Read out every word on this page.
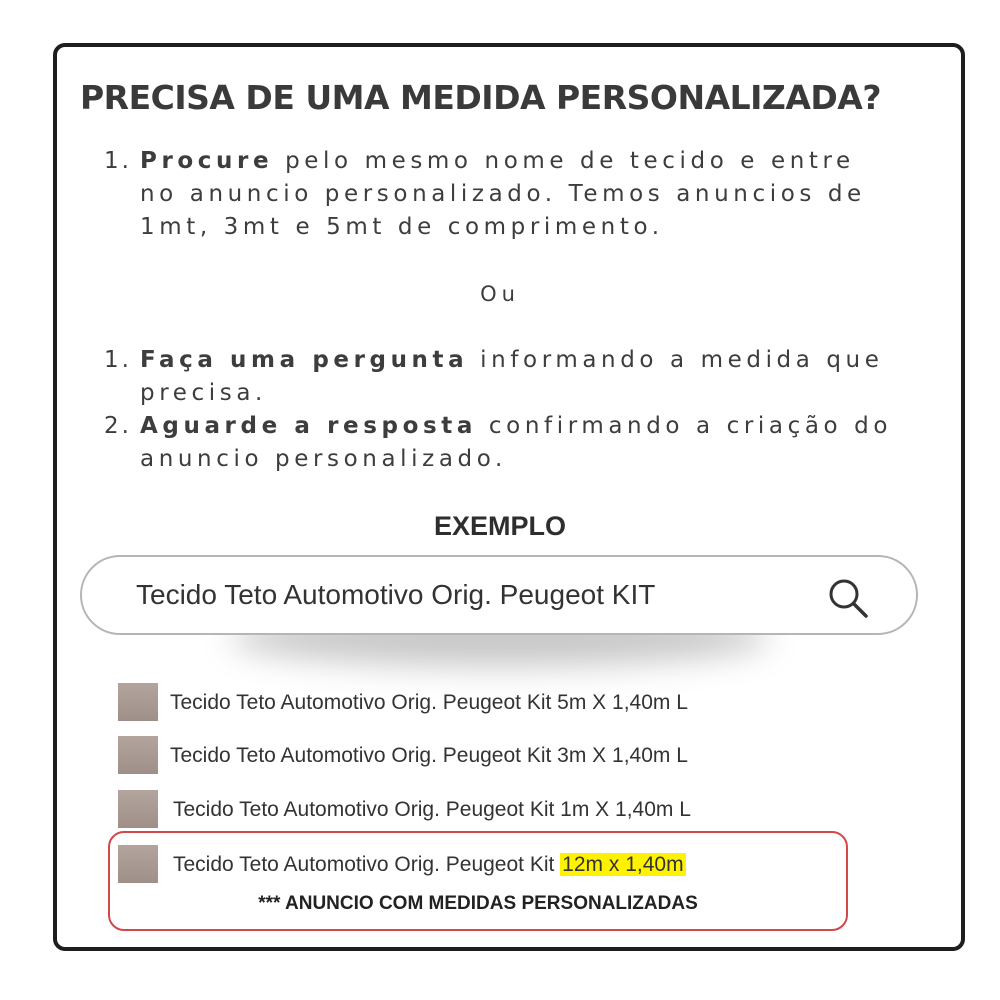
PRECISA DE UMA MEDIDA PERSONALIZADA?
1. Procure pelo mesmo nome de tecido e entre no anuncio personalizado. Temos anuncios de 1mt, 3mt e 5mt de comprimento.
Ou
1. Faça uma pergunta informando a medida que precisa.
2. Aguarde a resposta confirmando a criação do anuncio personalizado.
EXEMPLO
Tecido Teto Automotivo Orig. Peugeot KIT
Tecido Teto Automotivo Orig. Peugeot Kit 5m X 1,40m L
Tecido Teto Automotivo Orig. Peugeot Kit 3m X 1,40m L
Tecido Teto Automotivo Orig. Peugeot Kit 1m X 1,40m L
Tecido Teto Automotivo Orig. Peugeot Kit 12m x 1,40m
*** ANUNCIO COM MEDIDAS PERSONALIZADAS
